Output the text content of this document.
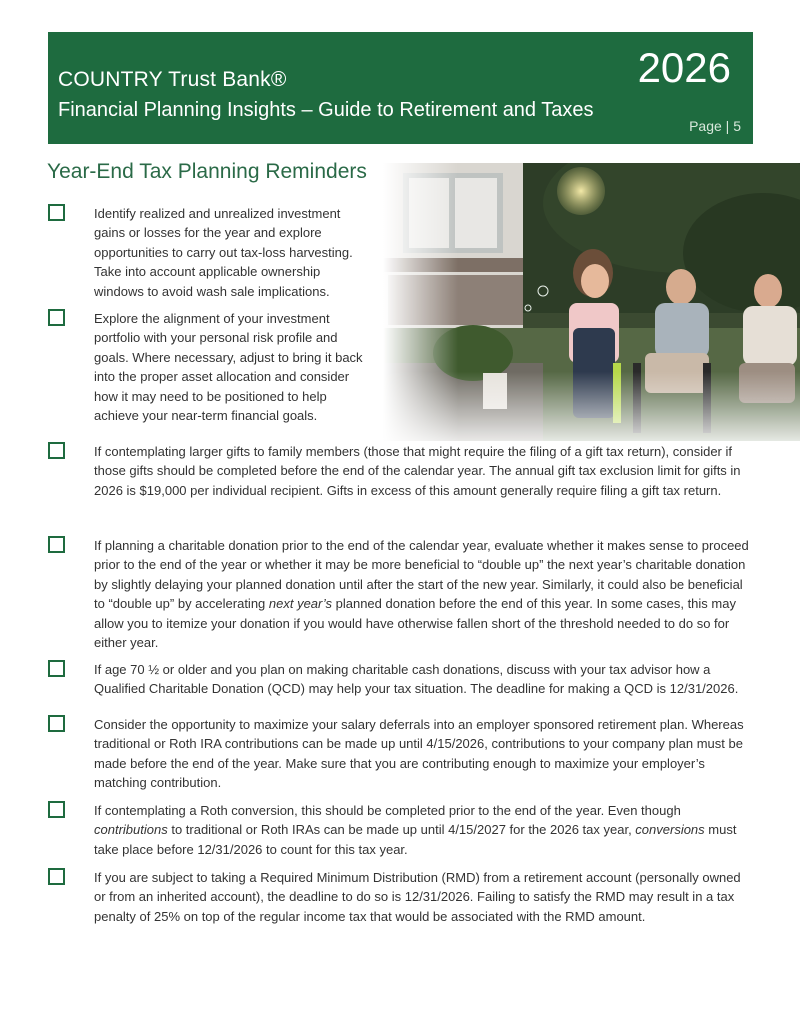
COUNTRY Trust Bank®
Financial Planning Insights – Guide to Retirement and Taxes
2026
Page | 5
Year-End Tax Planning Reminders
Identify realized and unrealized investment gains or losses for the year and explore opportunities to carry out tax-loss harvesting. Take into account applicable ownership windows to avoid wash sale implications.
Explore the alignment of your investment portfolio with your personal risk profile and goals. Where necessary, adjust to bring it back into the proper asset allocation and consider how it may need to be positioned to help achieve your near-term financial goals.
If contemplating larger gifts to family members (those that might require the filing of a gift tax return), consider if those gifts should be completed before the end of the calendar year. The annual gift tax exclusion limit for gifts in 2026 is $19,000 per individual recipient. Gifts in excess of this amount generally require filing a gift tax return.
If planning a charitable donation prior to the end of the calendar year, evaluate whether it makes sense to proceed prior to the end of the year or whether it may be more beneficial to “double up” the next year’s charitable donation by slightly delaying your planned donation until after the start of the new year. Similarly, it could also be beneficial to “double up” by accelerating next year’s planned donation before the end of this year. In some cases, this may allow you to itemize your donation if you would have otherwise fallen short of the threshold needed to do so for either year.
If age 70 ½ or older and you plan on making charitable cash donations, discuss with your tax advisor how a Qualified Charitable Donation (QCD) may help your tax situation. The deadline for making a QCD is 12/31/2026.
Consider the opportunity to maximize your salary deferrals into an employer sponsored retirement plan. Whereas traditional or Roth IRA contributions can be made up until 4/15/2026, contributions to your company plan must be made before the end of the year. Make sure that you are contributing enough to maximize your employer’s matching contribution.
If contemplating a Roth conversion, this should be completed prior to the end of the year. Even though contributions to traditional or Roth IRAs can be made up until 4/15/2027 for the 2026 tax year, conversions must take place before 12/31/2026 to count for this tax year.
If you are subject to taking a Required Minimum Distribution (RMD) from a retirement account (personally owned or from an inherited account), the deadline to do so is 12/31/2026. Failing to satisfy the RMD may result in a tax penalty of 25% on top of the regular income tax that would be associated with the RMD amount.
